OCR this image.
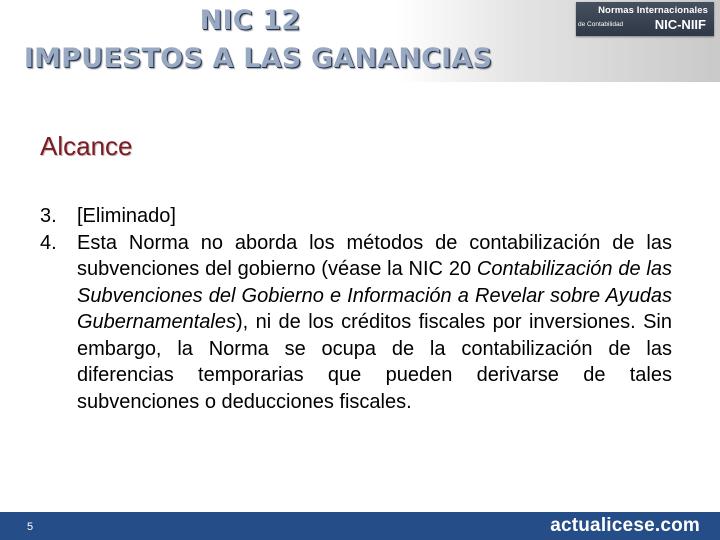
NIC 12
IMPUESTOS A LAS GANANCIAS
Normas Internacionales
de Contabilidad NIC-NIIF
Alcance
3.	[Eliminado]
4.	Esta Norma no aborda los métodos de contabilización de las subvenciones del gobierno (véase la NIC 20 Contabilización de las Subvenciones del Gobierno e Información a Revelar sobre Ayudas Gubernamentales), ni de los créditos fiscales por inversiones. Sin embargo, la Norma se ocupa de la contabilización de las diferencias temporarias que pueden derivarse de tales subvenciones o deducciones fiscales.
5	actualicese.com
